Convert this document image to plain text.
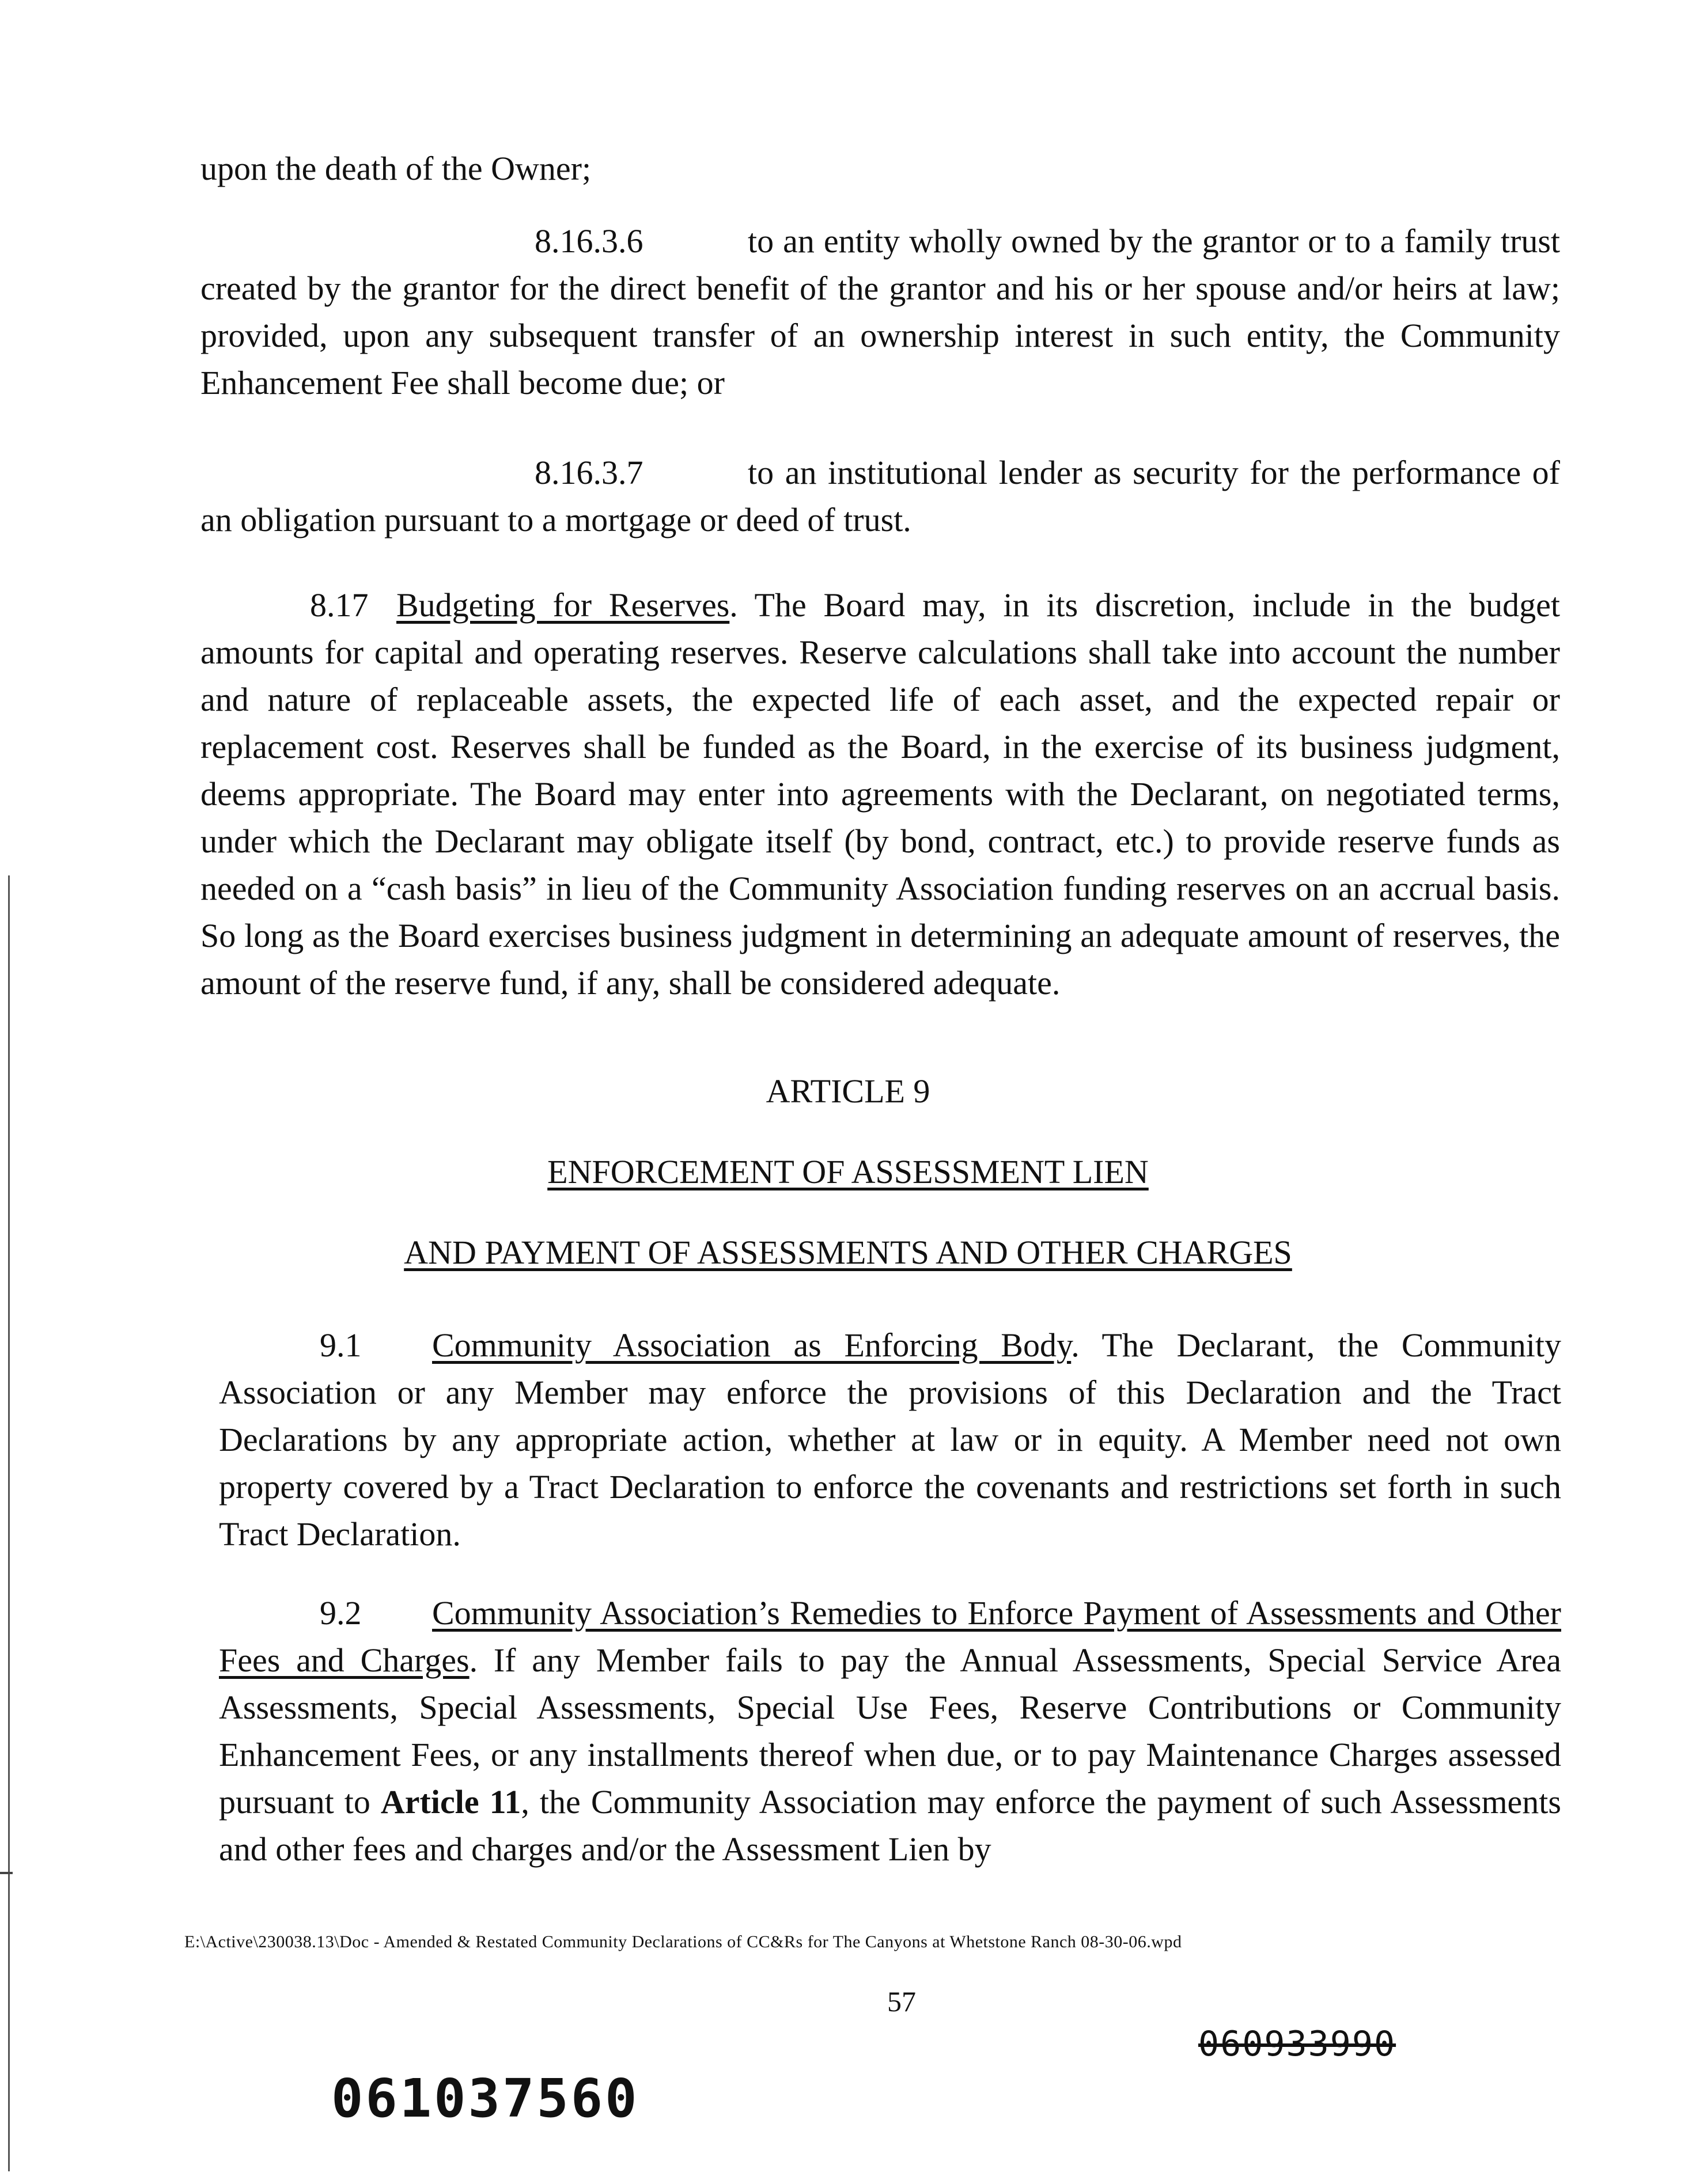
upon the death of the Owner;

8.16.3.6	to an entity wholly owned by the grantor or to a family trust created by the grantor for the direct benefit of the grantor and his or her spouse and/or heirs at law; provided, upon any subsequent transfer of an ownership interest in such entity, the Community Enhancement Fee shall become due; or

8.16.3.7	to an institutional lender as security for the performance of an obligation pursuant to a mortgage or deed of trust.

8.17 Budgeting for Reserves. The Board may, in its discretion, include in the budget amounts for capital and operating reserves. Reserve calculations shall take into account the number and nature of replaceable assets, the expected life of each asset, and the expected repair or replacement cost. Reserves shall be funded as the Board, in the exercise of its business judgment, deems appropriate. The Board may enter into agreements with the Declarant, on negotiated terms, under which the Declarant may obligate itself (by bond, contract, etc.) to provide reserve funds as needed on a “cash basis” in lieu of the Community Association funding reserves on an accrual basis. So long as the Board exercises business judgment in determining an adequate amount of reserves, the amount of the reserve fund, if any, shall be considered adequate.

ARTICLE 9

ENFORCEMENT OF ASSESSMENT LIEN

AND PAYMENT OF ASSESSMENTS AND OTHER CHARGES

9.1 Community Association as Enforcing Body. The Declarant, the Community Association or any Member may enforce the provisions of this Declaration and the Tract Declarations by any appropriate action, whether at law or in equity. A Member need not own property covered by a Tract Declaration to enforce the covenants and restrictions set forth in such Tract Declaration.

9.2 Community Association’s Remedies to Enforce Payment of Assessments and Other Fees and Charges. If any Member fails to pay the Annual Assessments, Special Service Area Assessments, Special Assessments, Special Use Fees, Reserve Contributions or Community Enhancement Fees, or any installments thereof when due, or to pay Maintenance Charges assessed pursuant to Article 11, the Community Association may enforce the payment of such Assessments and other fees and charges and/or the Assessment Lien by

E:\Active\230038.13\Doc - Amended & Restated Community Declarations of CC&Rs for The Canyons at Whetstone Ranch 08-30-06.wpd
57
060933990
061037560
